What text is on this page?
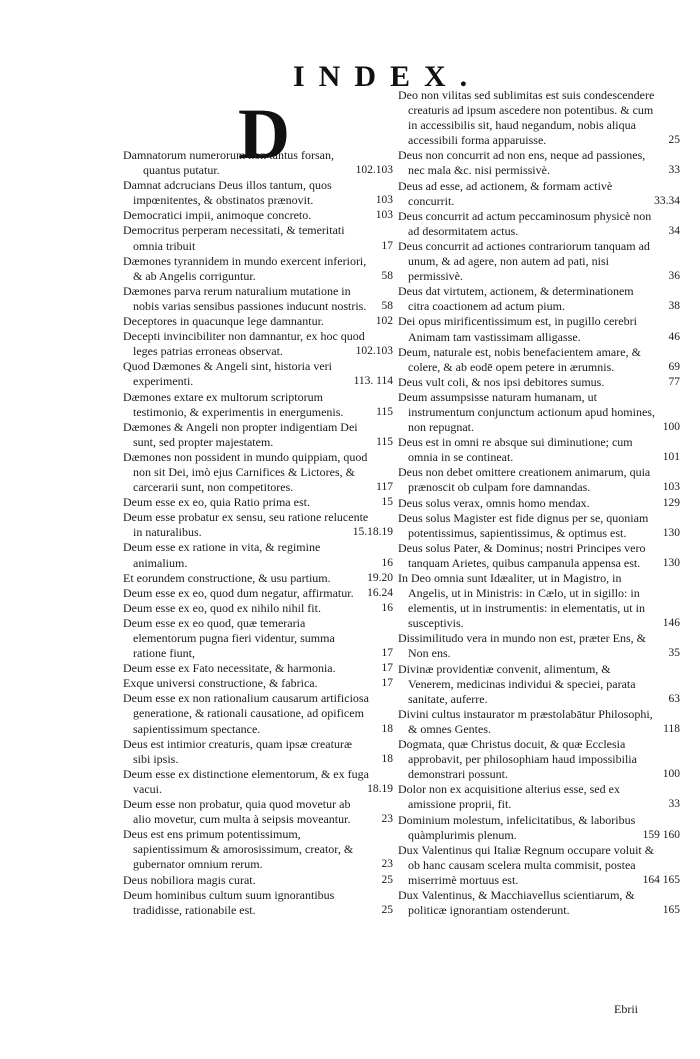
INDEX.
D

Damnatorum numerorum non tantus forsan, quantus putatur.	102.103

Damnat adcrucians Deus illos tantum, quos impœnitentes, & obstinatos prænovit.	103

Democratici impii, animoque concreto.	103

Democritus perperam necessitati, & temeritati omnia tribuit	17

Dæmones tyrannidem in mundo exercent inferiori, & ab Angelis corriguntur.	58

Dæmones parva rerum naturalium mutatione in nobis varias sensibus passiones inducunt nostris. 58

Deceptores in quacunque lege damnantur.	102

Decepti invincibiliter non damnantur, ex hoc quod leges patrias erroneas observat.	102.103

Quod Dæmones & Angeli sint, historia veri experimenti.	113. 114

Dæmones extare ex multorum scriptorum testimonio, & experimentis in energumenis.	115

Dæmones & Angeli non propter indigentiam Dei sunt, sed propter majestatem.	115

Dæmones non possident in mundo quippiam, quod non sit Dei, imò ejus Carnifices & Lictores, & carcerarii sunt, non competitores.	117

Deum esse ex eo, quia Ratio prima est.	15

Deum esse probatur ex sensu, seu ratione relucente in naturalibus.	15.18.19

Deum esse ex ratione in vita, & regimine animalium.	16

Et eorundem constructione, & usu partium.	19.20

Deum esse ex eo, quod dum negatur, affirmatur. 16.24

Deum esse ex eo, quod ex nihilo nihil fit.	16

Deum esse ex eo quod, quæ temeraria elementorum pugna fieri videntur, summa ratione fiunt,	17

Deum esse ex Fato necessitate, & harmonia.	17

Exque universi constructione, & fabrica.	17

Deum esse ex non rationalium causarum artificiosa generatione, & rationali causatione, ad opificem sapientissimum spectance.	18

Deus est intimior creaturis, quam ipsæ creaturæ sibi ipsis.	18

Deum esse ex distinctione elementorum, & ex fuga vacui.	18.19

Deum esse non probatur, quia quod movetur ab alio movetur, cum multa à seipsis moveantur.	23

Deus est ens primum potentissimum, sapientissimum & amorosissimum, creator, & gubernator omnium rerum.	23

Deus nobiliora magis curat.	25

Deum hominibus cultum suum ignorantibus tradidisse, rationabile est.	25

Deo non vilitas sed sublimitas est suis condescendere creaturis ad ipsum ascedere non potentibus. & cum in accessibilis sit, haud negandum, nobis aliqua accessibili forma apparuisse.	25

Deus non concurrit ad non ens, neque ad passiones, nec mala &c. nisi permissivè.	33

Deus ad esse, ad actionem, & formam activè concurrit.	33.34

Deus concurrit ad actum peccaminosum physicè non ad desormitatem actus.	34

Deus concurrit ad actiones contrariorum tanquam ad unum, & ad agere, non autem ad pati, nisi permissivè.	36

Deus dat virtutem, actionem, & determinationem citra coactionem ad actum pium.	38

Dei opus mirificentissimum est, in pugillo cerebri Animam tam vastissimam alligasse.	46

Deum, naturale est, nobis benefacientem amare, & colere, & ab eodē opem petere in ærumnis.	69

Deus vult coli, & nos ipsi debitores sumus.	77

Deum assumpsisse naturam humanam, ut instrumentum conjunctum actionum apud homines, non repugnat.	100

Deus est in omni re absque sui diminutione; cum omnia in se contineat.	101

Deus non debet omittere creationem animarum, quia prænoscit ob culpam fore damnandas.	103

Deus solus verax, omnis homo mendax.	129

Deus solus Magister est fide dignus per se, quoniam potentissimus, sapientissimus, & optimus est.	130

Deus solus Pater, & Dominus; nostri Principes vero tanquam Arietes, quibus campanula appensa est. 130

In Deo omnia sunt Idæaliter, ut in Magistro, in Angelis, ut in Ministris: in Cælo, ut in sigillo: in elementis, ut in instrumentis: in elementatis, ut in susceptivis.	146

Dissimilitudo vera in mundo non est, præter Ens, & Non ens.	35

Divinæ providentiæ convenit, alimentum, & Venerem, medicinas individui & speciei, parata sanitate, auferre.	63

Divini cultus instaurator m præstolabātur Philosophi, & omnes Gentes.	118

Dogmata, quæ Christus docuit, & quæ Ecclesia approbavit, per philosophiam haud impossibilia demonstrari possunt.	100

Dolor non ex acquisitione alterius esse, sed ex amissione proprii, fit.	33

Dominium molestum, infelicitatibus, & laboribus quàmplurimis plenum.	159 160

Dux Valentinus qui Italiæ Regnum occupare voluit & ob hanc causam scelera multa commisit, postea miserrimè mortuus est.	164 165

Dux Valentinus, & Macchiavellus scientiarum, & politicæ ignorantiam ostenderunt.	165

Ebrii
